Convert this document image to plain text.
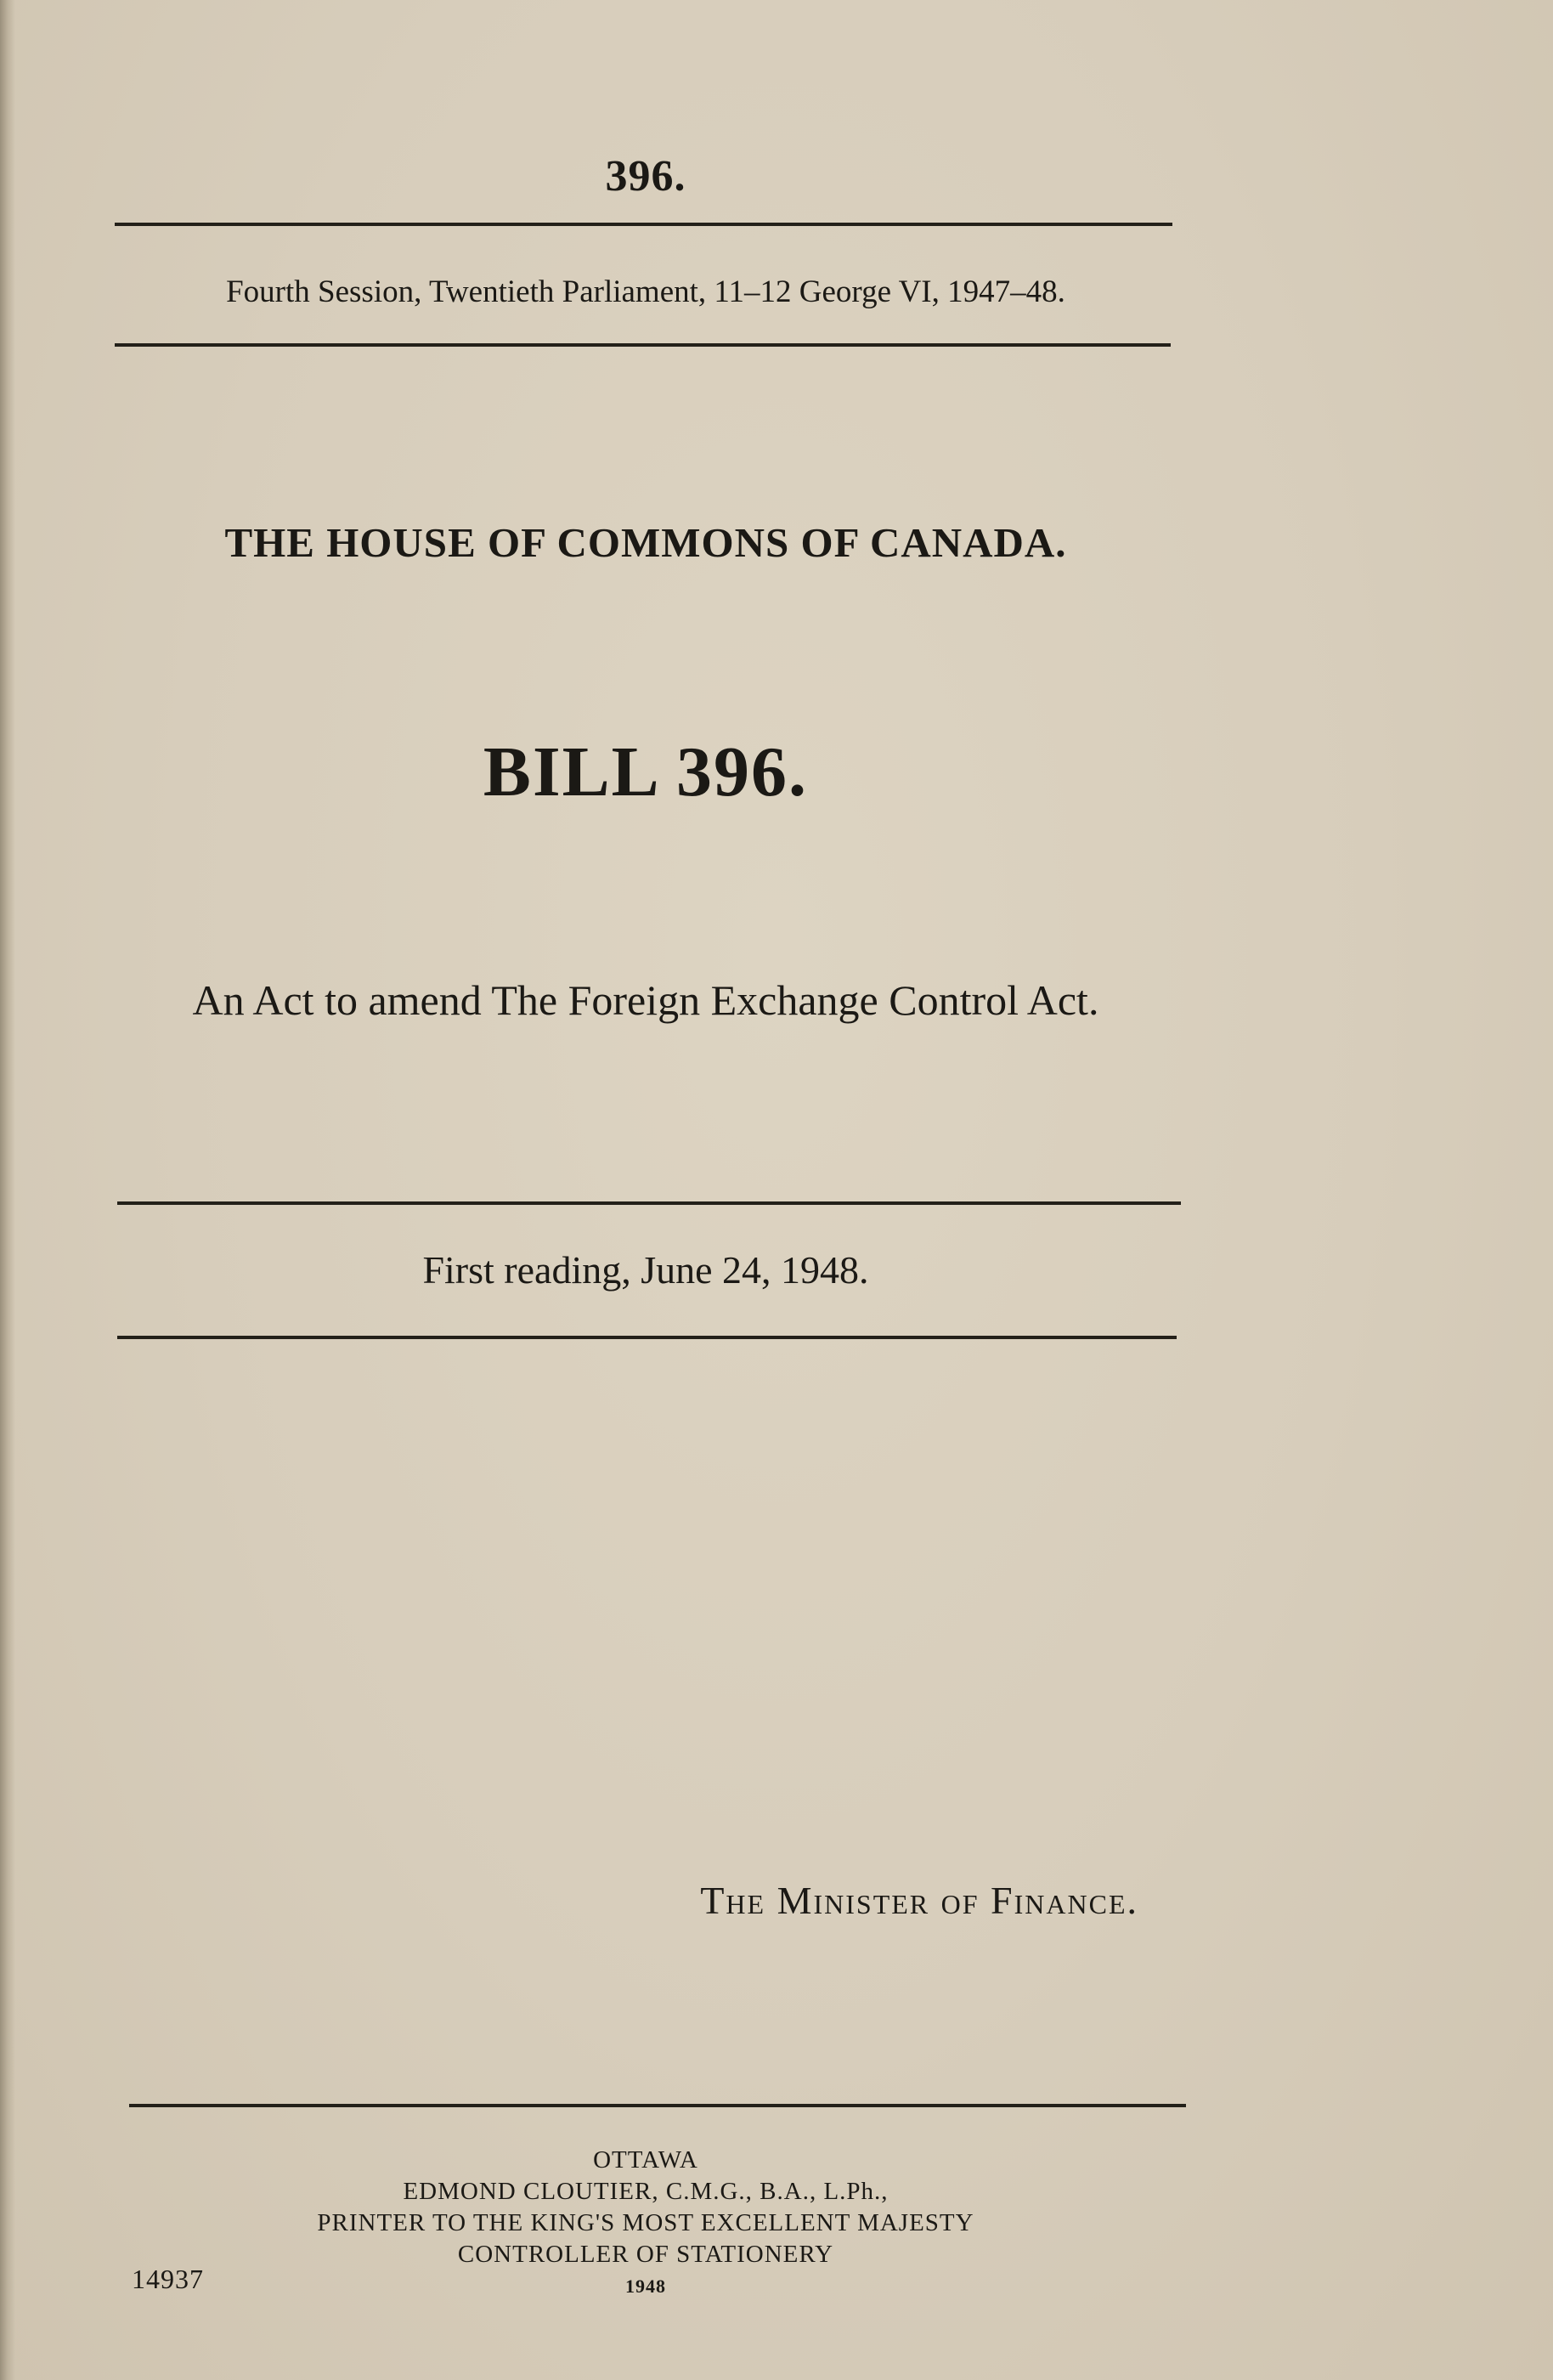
396.
Fourth Session, Twentieth Parliament, 11–12 George VI, 1947–48.
THE HOUSE OF COMMONS OF CANADA.
BILL 396.
An Act to amend The Foreign Exchange Control Act.
First reading, June 24, 1948.
The Minister of Finance.
OTTAWA
EDMOND CLOUTIER, C.M.G., B.A., L.Ph.,
PRINTER TO THE KING'S MOST EXCELLENT MAJESTY
CONTROLLER OF STATIONERY
1948
14937
